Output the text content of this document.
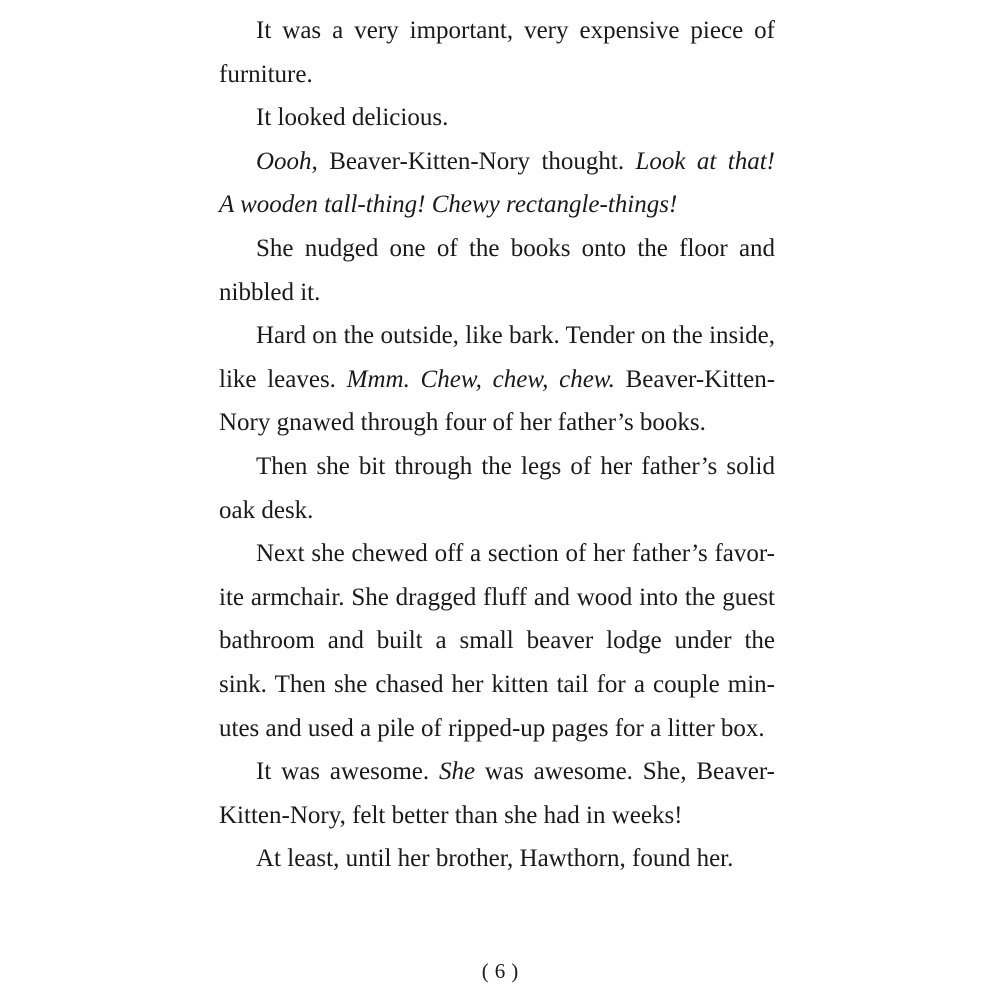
It was a very important, very expensive piece of
furniture.
It looked delicious.
Oooh, Beaver-Kitten-Nory thought. Look at that!
A wooden tall-thing! Chewy rectangle-things!
She nudged one of the books onto the floor and
nibbled it.
Hard on the outside, like bark. Tender on the inside,
like leaves. Mmm. Chew, chew, chew. Beaver-Kitten-
Nory gnawed through four of her father’s books.
Then she bit through the legs of her father’s solid
oak desk.
Next she chewed off a section of her father’s favor-
ite armchair. She dragged fluff and wood into the guest
bathroom and built a small beaver lodge under the
sink. Then she chased her kitten tail for a couple min-
utes and used a pile of ripped-up pages for a litter box.
It was awesome. She was awesome. She, Beaver-
Kitten-Nory, felt better than she had in weeks!
At least, until her brother, Hawthorn, found her.
( 6 )
